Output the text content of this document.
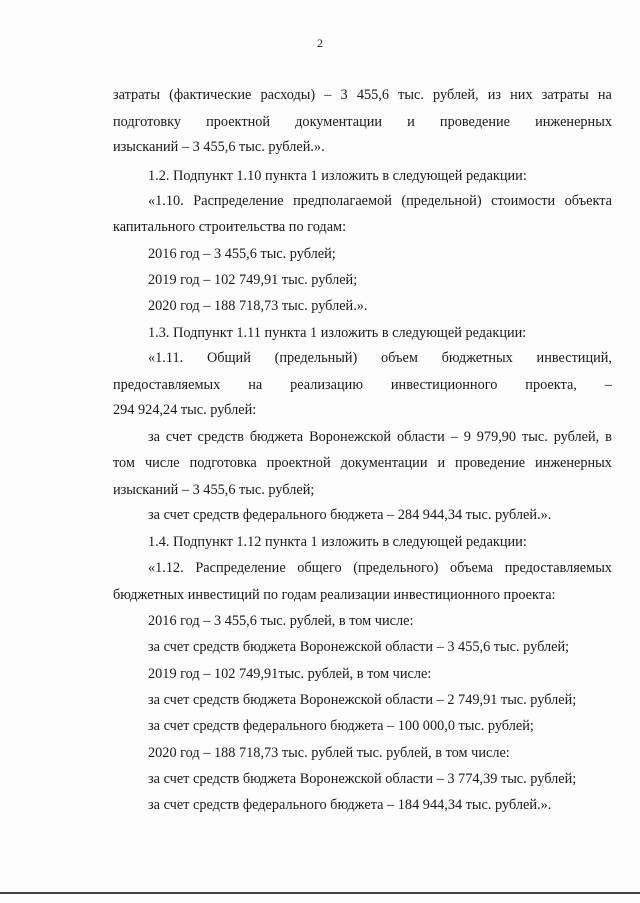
2
затраты (фактические расходы) – 3 455,6 тыс. рублей, из них затраты на
подготовку проектной документации и проведение инженерных
изысканий – 3 455,6 тыс. рублей.».
1.2. Подпункт 1.10 пункта 1 изложить в следующей редакции:
«1.10. Распределение предполагаемой (предельной) стоимости объекта
капитального строительства по годам:
2016 год – 3 455,6 тыс. рублей;
2019 год – 102 749,91 тыс. рублей;
2020 год – 188 718,73 тыс. рублей.».
1.3. Подпункт 1.11 пункта 1 изложить в следующей редакции:
«1.11. Общий (предельный) объем бюджетных инвестиций,
предоставляемых на реализацию инвестиционного проекта, –
294 924,24 тыс. рублей:
за счет средств бюджета Воронежской области – 9 979,90 тыс. рублей, в
том числе подготовка проектной документации и проведение инженерных
изысканий – 3 455,6 тыс. рублей;
за счет средств федерального бюджета – 284 944,34 тыс. рублей.».
1.4. Подпункт 1.12 пункта 1 изложить в следующей редакции:
«1.12. Распределение общего (предельного) объема предоставляемых
бюджетных инвестиций по годам реализации инвестиционного проекта:
2016 год – 3 455,6 тыс. рублей, в том числе:
за счет средств бюджета Воронежской области – 3 455,6 тыс. рублей;
2019 год – 102 749,91тыс. рублей, в том числе:
за счет средств бюджета Воронежской области – 2 749,91 тыс. рублей;
за счет средств федерального бюджета – 100 000,0 тыс. рублей;
2020 год – 188 718,73 тыс. рублей тыс. рублей, в том числе:
за счет средств бюджета Воронежской области – 3 774,39 тыс. рублей;
за счет средств федерального бюджета – 184 944,34 тыс. рублей.».
